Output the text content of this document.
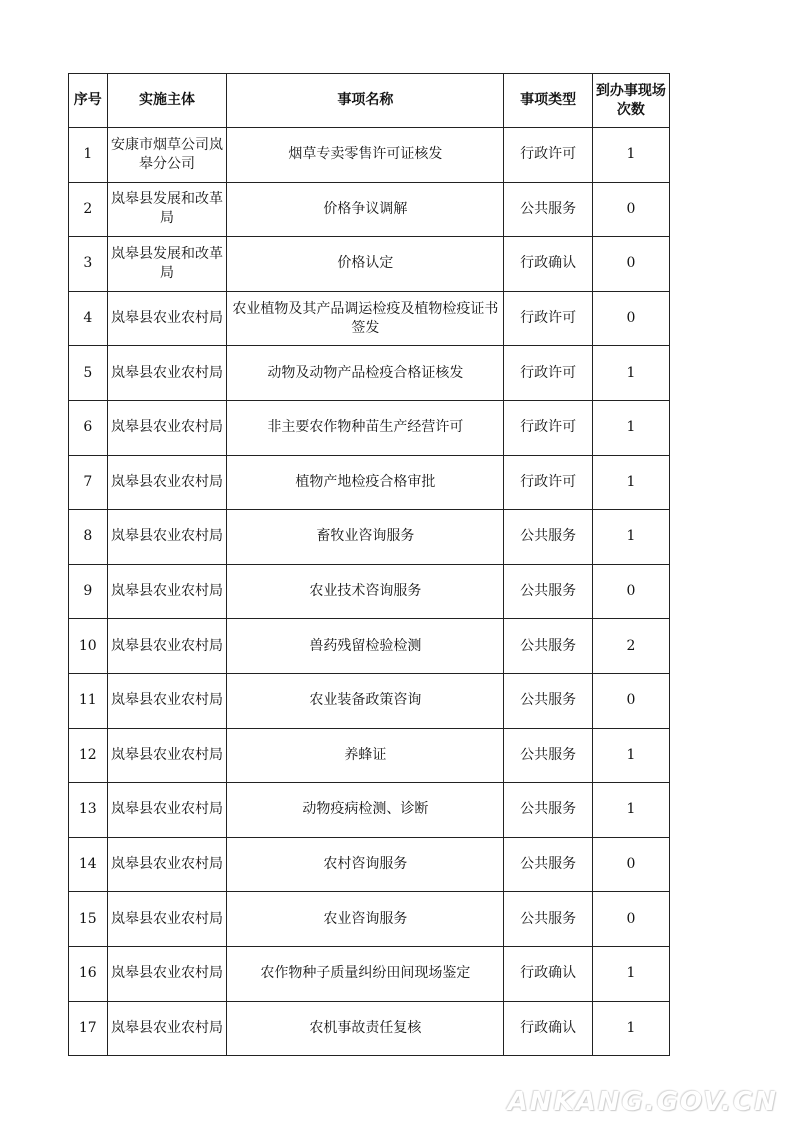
序号	实施主体	事项名称	事项类型	到办事现场次数
1	安康市烟草公司岚皋分公司	烟草专卖零售许可证核发	行政许可	1
2	岚皋县发展和改革局	价格争议调解	公共服务	0
3	岚皋县发展和改革局	价格认定	行政确认	0
4	岚皋县农业农村局	农业植物及其产品调运检疫及植物检疫证书签发	行政许可	0
5	岚皋县农业农村局	动物及动物产品检疫合格证核发	行政许可	1
6	岚皋县农业农村局	非主要农作物种苗生产经营许可	行政许可	1
7	岚皋县农业农村局	植物产地检疫合格审批	行政许可	1
8	岚皋县农业农村局	畜牧业咨询服务	公共服务	1
9	岚皋县农业农村局	农业技术咨询服务	公共服务	0
10	岚皋县农业农村局	兽药残留检验检测	公共服务	2
11	岚皋县农业农村局	农业装备政策咨询	公共服务	0
12	岚皋县农业农村局	养蜂证	公共服务	1
13	岚皋县农业农村局	动物疫病检测、诊断	公共服务	1
14	岚皋县农业农村局	农村咨询服务	公共服务	0
15	岚皋县农业农村局	农业咨询服务	公共服务	0
16	岚皋县农业农村局	农作物种子质量纠纷田间现场鉴定	行政确认	1
17	岚皋县农业农村局	农机事故责任复核	行政确认	1
ANKANG.GOV.CN
